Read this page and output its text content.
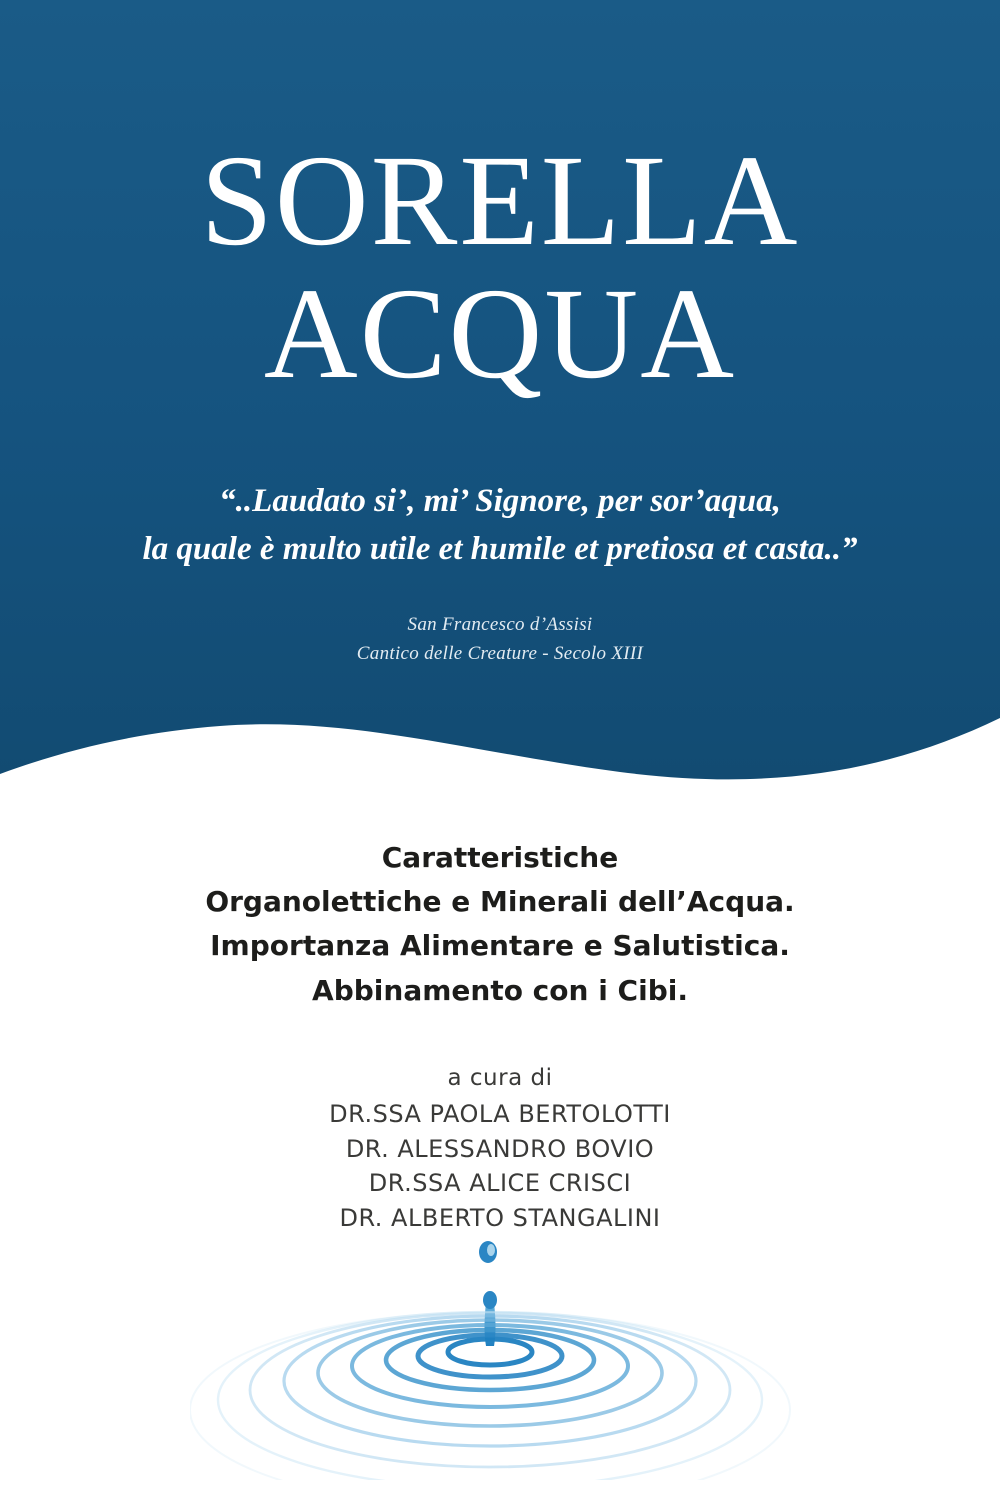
SORELLA
ACQUA
“..Laudato si’, mi’ Signore, per sor’aqua,
la quale è multo utile et humile et pretiosa et casta..”
San Francesco d’Assisi
Cantico delle Creature - Secolo XIII
Caratteristiche
Organolettiche e Minerali dell’Acqua.
Importanza Alimentare e Salutistica.
Abbinamento con i Cibi.
a cura di
DR.SSA PAOLA BERTOLOTTI
DR. ALESSANDRO BOVIO
DR.SSA ALICE CRISCI
DR. ALBERTO STANGALINI
